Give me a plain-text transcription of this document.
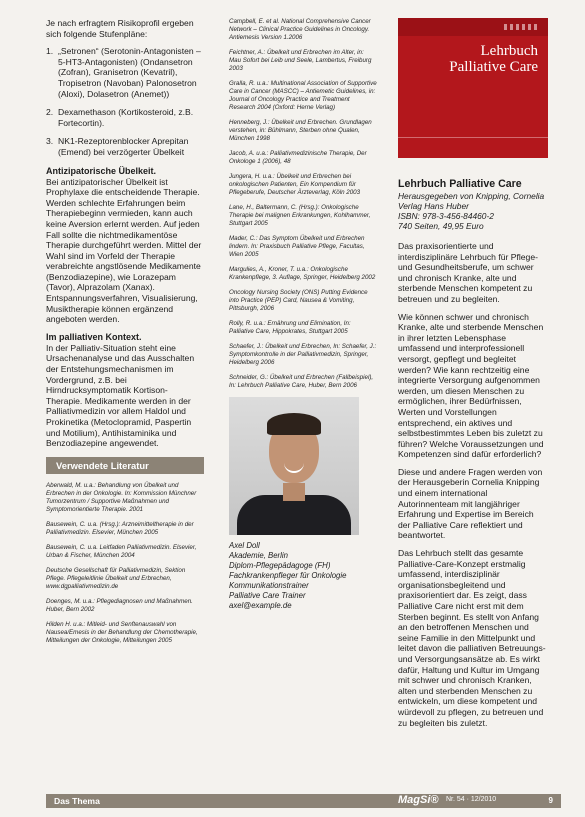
Je nach erfragtem Risikoprofil ergeben sich folgende Stufenpläne:

1. „Setronen“ (Serotonin-Antagonisten – 5-HT3-Antagonisten) (Ondansetron (Zofran), Granisetron (Kevatril), Tropisetron (Navoban) Palonosetron (Aloxi), Dolasetron (Anemet))
2. Dexamethason (Kortikosteroid, z.B. Fortecortin).
3. NK1-Rezeptorenblocker Aprepitan (Emend) bei verzögerter Übelkeit

Antizipatorische Übelkeit.

Bei antizipatorischer Übelkeit ist Prophylaxe die entscheidende Therapie. Werden schlechte Erfahrungen beim Therapiebeginn vermieden, kann auch keine Aversion erlernt werden. Auf jeden Fall sollte die nichtmedikamentöse Therapie durchgeführt werden. Mittel der Wahl sind im Vorfeld der Therapie verabreichte angstlösende Medikamente (Benzodiazepine), wie Lorazepam (Tavor), Alprazolam (Xanax). Entspannungsverfahren, Visualisierung, Musiktherapie können ergänzend angeboten werden.

Im palliativen Kontext.

In der Palliativ-Situation steht eine Ursachenanalyse und das Ausschalten der Entstehungsmechanismen im Vordergrund, z.B. bei Hirndrucksymptomatik Kortison-Therapie. Medikamente werden in der Palliativmedizin vor allem Haldol und Prokinetika (Metoclopramid, Paspertin und Motilium), Antihistaminika und Benzodiazepine angewendet.

Verwendete Literatur

Aberwald, M. u.a.: Behandlung von Übelkeit und Erbrechen in der Onkologie. In: Kommission Münchner Tumorzentrum / Supportive Maßnahmen und Symptomorientierte Therapie. 2001

Bausewein, C. u.a. (Hrsg.): Arzneimitteltherapie in der Palliativmedizin. Elsevier, München 2005

Bausewein, C. u.a. Leitfaden Palliativmedizin. Elsevier, Urban & Fischer, München 2004

Deutsche Gesellschaft für Palliativmedizin, Sektion Pflege. Pflegeleitlinie Übelkeit und Erbrechen, www.dgpalliativmedizin.de

Doenges, M. u.a.: Pflegediagnosen und Maßnahmen. Huber, Bern 2002

Hilden H. u.a.: Mitleid- und Senftenauswahl von Nausea/Emesis in der Behandlung der Chemotherapie, Mitteilungen der Onkologie, Mitteilungen 2005

Campbell, E. et al. National Comprehensive Cancer Network – Clinical Practice Guidelines in Oncology. Antiemesis Version 1.2006

Feichtner, A.: Übelkeit und Erbrechen im Alter, in: Mau Sofort bei Leib und Seele, Lambertus, Freiburg 2003

Gralla, R. u.a.: Multinational Association of Supportive Care in Cancer (MASCC) – Antiemetic Guidelines, in: Journal of Oncology Practice and Treatment Research 2004 (Oxford: Herne Verlag)

Henneberg, J.: Übelkeit und Erbrechen. Grundlagen verstehen, in: Bühlmann, Sterben ohne Qualen, München 1998

Jacob, A. u.a.: Palliativmedizinische Therapie, Der Onkologe 1 (2006), 48

Jungera, H. u.a.: Übelkeit und Erbrechen bei onkologischen Patienten, Ein Kompendium für Pflegeberufe, Deutscher Ärzteverlag, Köln 2003

Lane, H., Baltermann, C. (Hrsg.): Onkologische Therapie bei malignen Erkrankungen, Kohlhammer, Stuttgart 2005

Mader, C.: Das Symptom Übelkeit und Erbrechen lindern. In: Praxisbuch Palliative Pflege, Facultas, Wien 2005

Margulies, A., Kroner, T. u.a.: Onkologische Krankenpflege, 3. Auflage, Springer, Heidelberg 2002

Oncology Nursing Society (ONS) Putting Evidence into Practice (PEP) Card, Nausea & Vomiting, Pittsburgh, 2006

Rolly, R. u.a.: Ernährung und Elimination, In: Palliative Care, Hippokrates, Stuttgart 2005

Schaefer, J.: Übelkeit und Erbrechen, In: Schaefer, J.: Symptomkontrolle in der Palliativmedizin, Springer, Heidelberg 2006

Schneider, G.: Übelkeit und Erbrechen (Fallbeispiel), In: Lehrbuch Palliative Care, Huber, Bern 2006

Axel Doll

Akademie, Berlin

Diplom-Pflegepädagoge (FH)

Fachkrankenpfleger für Onkologie

Kommunikationstrainer

Palliative Care Trainer

axel@example.de

Lehrbuch
Palliative Care

Lehrbuch Palliative Care

Herausgegeben von Knipping, Cornelia

Verlag Hans Huber

ISBN: 978-3-456-84460-2

740 Seiten, 49,95 Euro

Das praxisorientierte und interdisziplinäre Lehrbuch für Pflege- und Gesundheitsberufe, um schwer und chronisch Kranke, alte und sterbende Menschen kompetent zu betreuen und zu begleiten.

Wie können schwer und chronisch Kranke, alte und sterbende Menschen in ihrer letzten Lebensphase umfassend und interprofessionell versorgt, gepflegt und begleitet werden? Wie kann rechtzeitig eine integrierte Versorgung aufgenommen werden, um diesen Menschen zu ermöglichen, ihrer Bedürfnissen, Werten und Vorstellungen entsprechend, ein aktives und selbstbestimmtes Leben bis zuletzt zu führen? Welche Voraussetzungen und Kompetenzen sind dafür erforderlich?

Diese und andere Fragen werden von der Herausgeberin Cornelia Knipping und einem international Autorinnenteam mit langjähriger Erfahrung und Expertise im Bereich der Palliative Care reflektiert und beantwortet.

Das Lehrbuch stellt das gesamte Palliative-Care-Konzept erstmalig umfassend, interdisziplinär organisationsbegleitend und praxisorientiert dar. Es zeigt, dass Palliative Care nicht erst mit dem Sterben beginnt. Es stellt von Anfang an den betroffenen Menschen und seine Familie in den Mittelpunkt und leitet davon die palliativen Betreuungs- und Versorgungsansätze ab. Es wirkt dafür, Haltung und Kultur im Umgang mit schwer und chronisch Kranken, alten und sterbenden Menschen zu entwickeln, um diese kompetent und würdevoll zu pflegen, zu betreuen und zu begleiten bis zuletzt.

Das Thema	MagSi® Nr. 54 · 12/2010	9
